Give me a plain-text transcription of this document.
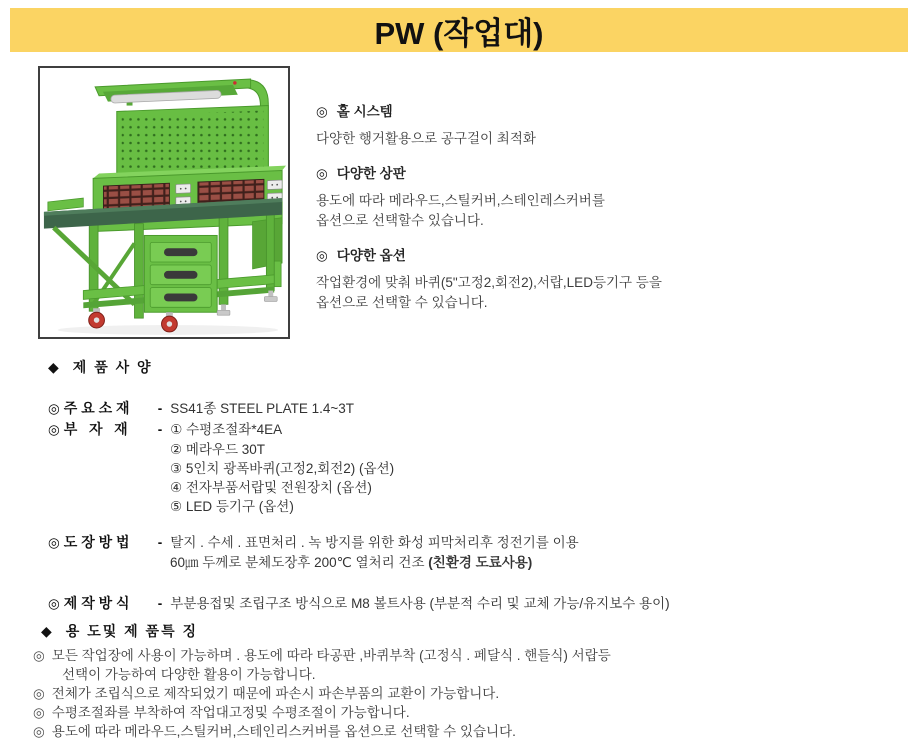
PW (작업대)
◎ 홀 시스템
다양한 행거활용으로 공구걸이 최적화
◎ 다양한 상판
용도에 따라 메라우드,스틸커버,스테인레스커버를
옵션으로 선택할수 있습니다.
◎ 다양한 옵션
작업환경에 맞춰 바퀴(5"고정2,회전2),서랍,LED등기구 등을
옵션으로 선택할 수 있습니다.
◆ 제 품 사 양
◎ 주 요 소 재	- SS41종 STEEL PLATE 1.4~3T
◎ 부   자   재	- ① 수평조절좌*4EA
② 메라우드 30T
③ 5인치 광폭바퀴(고정2,회전2) (옵션)
④ 전자부품서랍및 전원장치 (옵션)
⑤ LED 등기구 (옵션)
◎ 도 장 방 법	- 탈지 . 수세 . 표면처리 . 녹 방지를 위한 화성 피막처리후 정전기를 이용
60㎛ 두께로 분체도장후 200℃ 열처리 건조 (친환경 도료사용)
◎ 제 작 방 식	- 부분용접및 조립구조 방식으로 M8 볼트사용 (부분적 수리 및 교체 가능/유지보수 용이)
◆ 용 도및 제 품특 징
◎ 모든 작업장에 사용이 가능하며 . 용도에 따라 타공판 ,바퀴부착 (고정식 . 페달식 . 핸들식) 서랍등
선택이 가능하여 다양한 활용이 가능합니다.
◎ 전체가 조립식으로 제작되었기 때문에 파손시 파손부품의 교환이 가능합니다.
◎ 수평조절좌를 부착하여 작업대고정및 수평조절이 가능합니다.
◎ 용도에 따라 메라우드,스틸커버,스테인리스커버를 옵션으로 선택할 수 있습니다.
